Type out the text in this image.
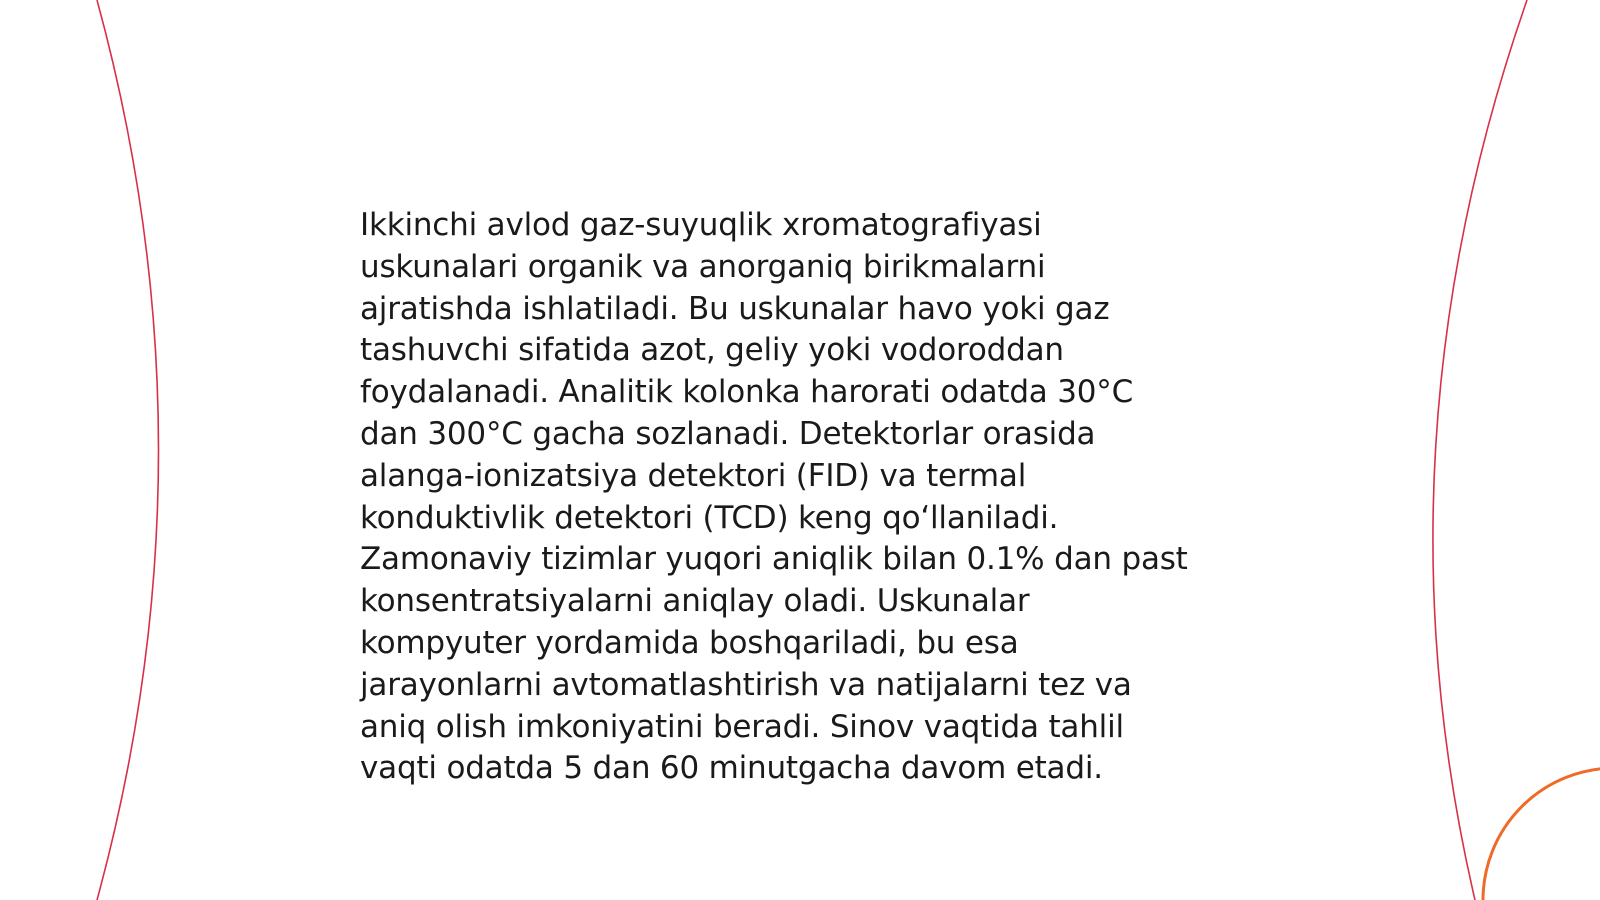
Ikkinchi avlod gaz-suyuqlik xromatografiyasi
uskunalari organik va anorganiq birikmalarni
ajratishda ishlatiladi. Bu uskunalar havo yoki gaz
tashuvchi sifatida azot, geliy yoki vodoroddan
foydalanadi. Analitik kolonka harorati odatda 30°C
dan 300°C gacha sozlanadi. Detektorlar orasida
alanga-ionizatsiya detektori (FID) va termal
konduktivlik detektori (TCD) keng qoʻllaniladi.
Zamonaviy tizimlar yuqori aniqlik bilan 0.1% dan past
konsentratsiyalarni aniqlay oladi. Uskunalar
kompyuter yordamida boshqariladi, bu esa
jarayonlarni avtomatlashtirish va natijalarni tez va
aniq olish imkoniyatini beradi. Sinov vaqtida tahlil
vaqti odatda 5 dan 60 minutgacha davom etadi.
